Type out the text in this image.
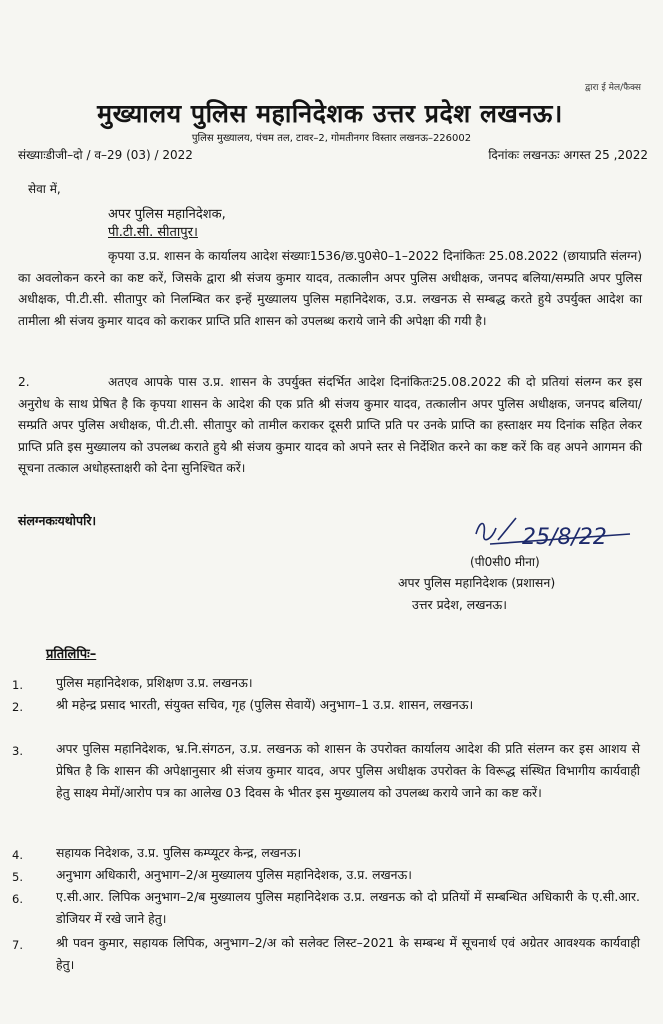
द्वारा ई मेल/फैक्स
मुख्यालय पुलिस महानिदेशक उत्तर प्रदेश लखनऊ।
पुलिस मुख्यालय, पंचम तल, टावर–2, गोमतीनगर विस्तार लखनऊ–226002
संख्याःडीजी–दो / व–29 (03) / 2022	दिनांकः लखनऊः अगस्त 25 ,2022
सेवा में,
अपर पुलिस महानिदेशक,
पी.टी.सी. सीतापुर।
कृपया उ.प्र. शासन के कार्यालय आदेश संख्याः1536/छ.पु0से0–1–2022 दिनांकितः 25.08.2022 (छायाप्रति संलग्न) का अवलोकन करने का कष्ट करें, जिसके द्वारा श्री संजय कुमार यादव, तत्कालीन अपर पुलिस अधीक्षक, जनपद बलिया/सम्प्रति अपर पुलिस अधीक्षक, पी.टी.सी. सीतापुर को निलम्बित कर इन्हें मुख्यालय पुलिस महानिदेशक, उ.प्र. लखनऊ से सम्बद्ध करते हुये उपर्युक्त आदेश का तामीला श्री संजय कुमार यादव को कराकर प्राप्ति प्रति शासन को उपलब्ध कराये जाने की अपेक्षा की गयी है।
2.	अतएव आपके पास उ.प्र. शासन के उपर्युक्त संदर्भित आदेश दिनांकितः25.08.2022 की दो प्रतियां संलग्न कर इस अनुरोध के साथ प्रेषित है कि कृपया शासन के आदेश की एक प्रति श्री संजय कुमार यादव, तत्कालीन अपर पुलिस अधीक्षक, जनपद बलिया/सम्प्रति अपर पुलिस अधीक्षक, पी.टी.सी. सीतापुर को तामील कराकर दूसरी प्राप्ति प्रति पर उनके प्राप्ति का हस्ताक्षर मय दिनांक सहित लेकर प्राप्ति प्रति इस मुख्यालय को उपलब्ध कराते हुये श्री संजय कुमार यादव को अपने स्तर से निर्देशित करने का कष्ट करें कि वह अपने आगमन की सूचना तत्काल अधोहस्ताक्षरी को देना सुनिश्चित करें।
संलग्नकःयथोपरि।
25/8/22
(पी0सी0 मीना)
अपर पुलिस महानिदेशक (प्रशासन)
उत्तर प्रदेश, लखनऊ।
प्रतिलिपिः–
1.	पुलिस महानिदेशक, प्रशिक्षण उ.प्र. लखनऊ।
2.	श्री महेन्द्र प्रसाद भारती, संयुक्त सचिव, गृह (पुलिस सेवायें) अनुभाग–1 उ.प्र. शासन, लखनऊ।
3.	अपर पुलिस महानिदेशक, भ्र.नि.संगठन, उ.प्र. लखनऊ को शासन के उपरोक्त कार्यालय आदेश की प्रति संलग्न कर इस आशय से प्रेषित है कि शासन की अपेक्षानुसार श्री संजय कुमार यादव, अपर पुलिस अधीक्षक उपरोक्त के विरूद्ध संस्थित विभागीय कार्यवाही हेतु साक्ष्य मेमों/आरोप पत्र का आलेख 03 दिवस के भीतर इस मुख्यालय को उपलब्ध कराये जाने का कष्ट करें।
4.	सहायक निदेशक, उ.प्र. पुलिस कम्प्यूटर केन्द्र, लखनऊ।
5.	अनुभाग अधिकारी, अनुभाग–2/अ मुख्यालय पुलिस महानिदेशक, उ.प्र. लखनऊ।
6.	ए.सी.आर. लिपिक अनुभाग–2/ब मुख्यालय पुलिस महानिदेशक उ.प्र. लखनऊ को दो प्रतियों में सम्बन्धित अधिकारी के ए.सी.आर. डोजियर में रखे जाने हेतु।
7.	श्री पवन कुमार, सहायक लिपिक, अनुभाग–2/अ को सलेक्ट लिस्ट–2021 के सम्बन्ध में सूचनार्थ एवं अग्रेतर आवश्यक कार्यवाही हेतु।
